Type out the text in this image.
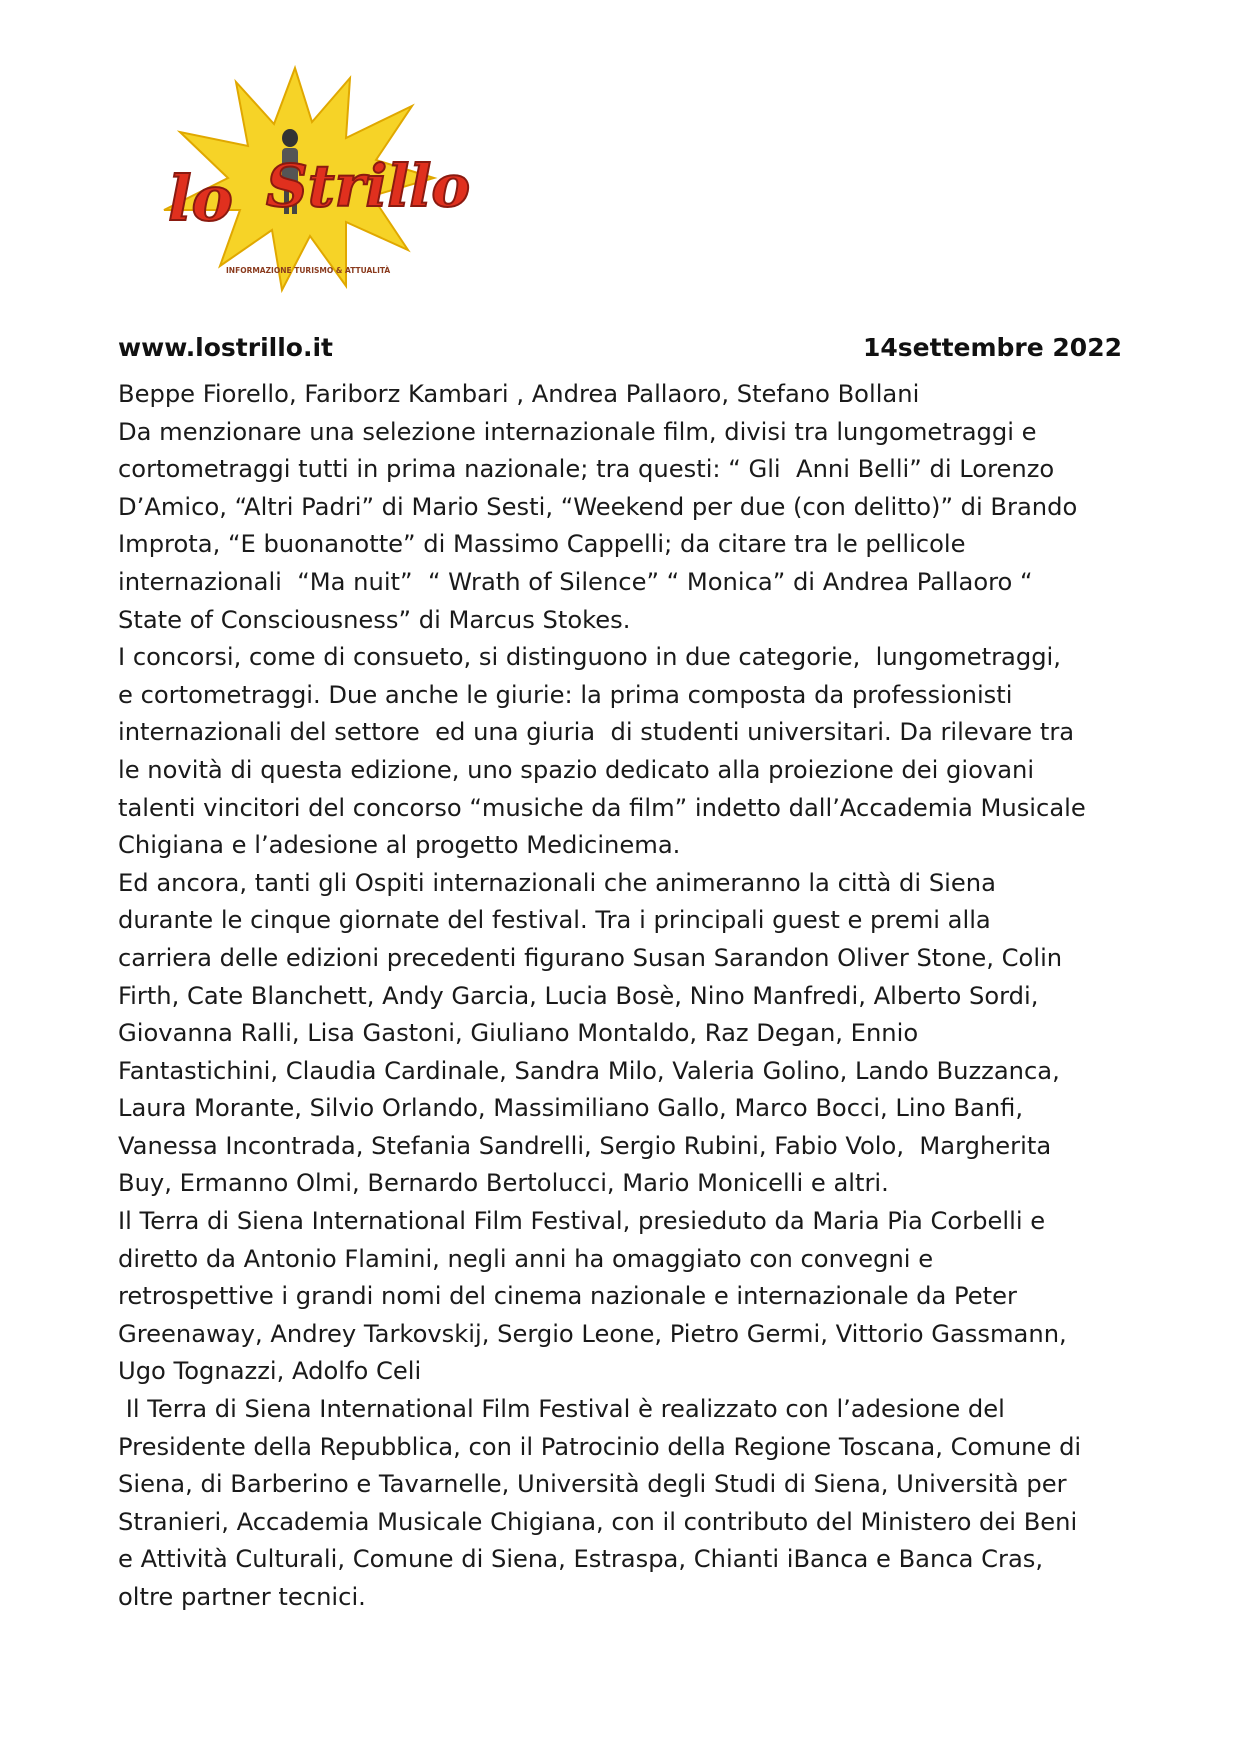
lo Strillo
INFORMAZIONE TURISMO & ATTUALITÀ
www.lostrillo.it	14settembre 2022
Beppe Fiorello, Fariborz Kambari , Andrea Pallaoro, Stefano Bollani
Da menzionare una selezione internazionale film, divisi tra lungometraggi e
cortometraggi tutti in prima nazionale; tra questi: “ Gli  Anni Belli” di Lorenzo
D’Amico, “Altri Padri” di Mario Sesti, “Weekend per due (con delitto)” di Brando
Improta, “E buonanotte” di Massimo Cappelli; da citare tra le pellicole
internazionali  “Ma nuit”  “ Wrath of Silence” “ Monica” di Andrea Pallaoro “
State of Consciousness” di Marcus Stokes.
I concorsi, come di consueto, si distinguono in due categorie,  lungometraggi,
e cortometraggi. Due anche le giurie: la prima composta da professionisti
internazionali del settore  ed una giuria  di studenti universitari. Da rilevare tra
le novità di questa edizione, uno spazio dedicato alla proiezione dei giovani
talenti vincitori del concorso “musiche da film” indetto dall’Accademia Musicale
Chigiana e l’adesione al progetto Medicinema.
Ed ancora, tanti gli Ospiti internazionali che animeranno la città di Siena
durante le cinque giornate del festival. Tra i principali guest e premi alla
carriera delle edizioni precedenti figurano Susan Sarandon Oliver Stone, Colin
Firth, Cate Blanchett, Andy Garcia, Lucia Bosè, Nino Manfredi, Alberto Sordi,
Giovanna Ralli, Lisa Gastoni, Giuliano Montaldo, Raz Degan, Ennio
Fantastichini, Claudia Cardinale, Sandra Milo, Valeria Golino, Lando Buzzanca,
Laura Morante, Silvio Orlando, Massimiliano Gallo, Marco Bocci, Lino Banfi,
Vanessa Incontrada, Stefania Sandrelli, Sergio Rubini, Fabio Volo,  Margherita
Buy, Ermanno Olmi, Bernardo Bertolucci, Mario Monicelli e altri.
Il Terra di Siena International Film Festival, presieduto da Maria Pia Corbelli e
diretto da Antonio Flamini, negli anni ha omaggiato con convegni e
retrospettive i grandi nomi del cinema nazionale e internazionale da Peter
Greenaway, Andrey Tarkovskij, Sergio Leone, Pietro Germi, Vittorio Gassmann,
Ugo Tognazzi, Adolfo Celi
Il Terra di Siena International Film Festival è realizzato con l’adesione del
Presidente della Repubblica, con il Patrocinio della Regione Toscana, Comune di
Siena, di Barberino e Tavarnelle, Università degli Studi di Siena, Università per
Stranieri, Accademia Musicale Chigiana, con il contributo del Ministero dei Beni
e Attività Culturali, Comune di Siena, Estraspa, Chianti iBanca e Banca Cras,
oltre partner tecnici.
